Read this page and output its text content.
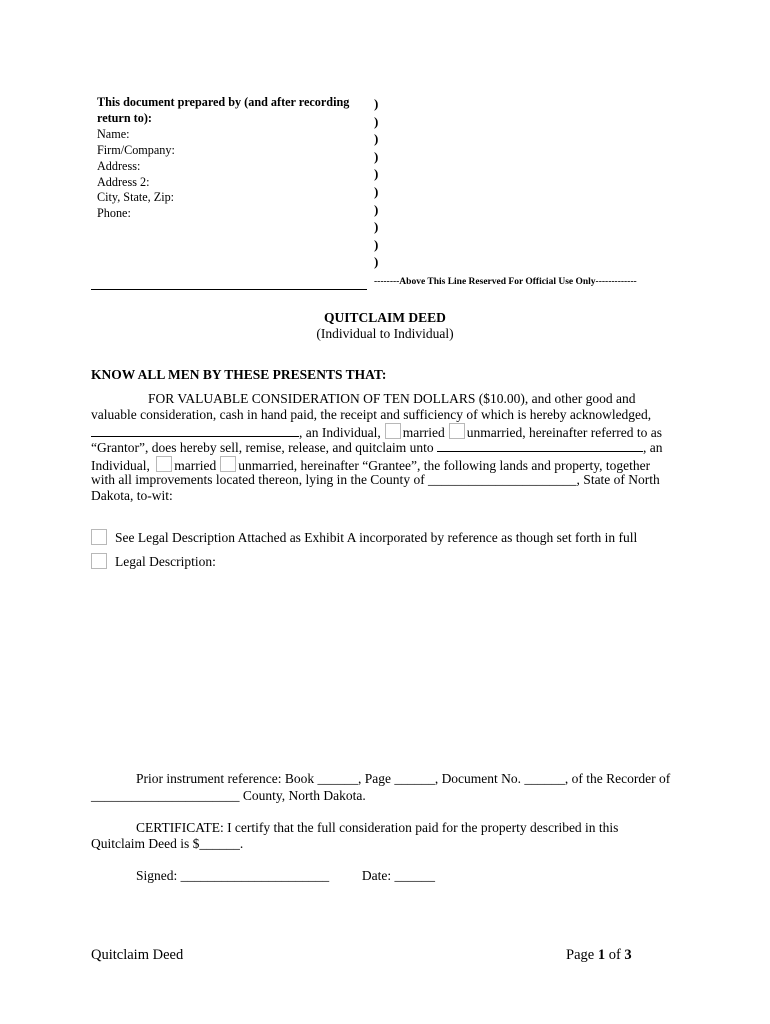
This document prepared by (and after recording
return to):
Name:
Firm/Company:
Address:
Address 2:
City, State, Zip:
Phone:
)
)
)
)
)
)
)
)
)
)
--------Above This Line Reserved For Official Use Only-------------
QUITCLAIM DEED
(Individual to Individual)
KNOW ALL MEN BY THESE PRESENTS THAT:
FOR VALUABLE CONSIDERATION OF TEN DOLLARS ($10.00), and other good and
valuable consideration, cash in hand paid, the receipt and sufficiency of which is hereby acknowledged,
, an Individual, married unmarried, hereinafter referred to as
“Grantor”, does hereby sell, remise, release, and quitclaim unto	, an
Individual, married unmarried, hereinafter “Grantee”, the following lands and property, together
with all improvements located thereon, lying in the County of ______________________, State of North
Dakota, to-wit:
See Legal Description Attached as Exhibit A incorporated by reference as though set forth in full
Legal Description:
Prior instrument reference: Book ______, Page ______, Document No. ______, of the Recorder of
______________________ County, North Dakota.
CERTIFICATE: I certify that the full consideration paid for the property described in this
Quitclaim Deed is $______.
Signed: ______________________ Date: ______
Quitclaim Deed	Page 1 of 3
